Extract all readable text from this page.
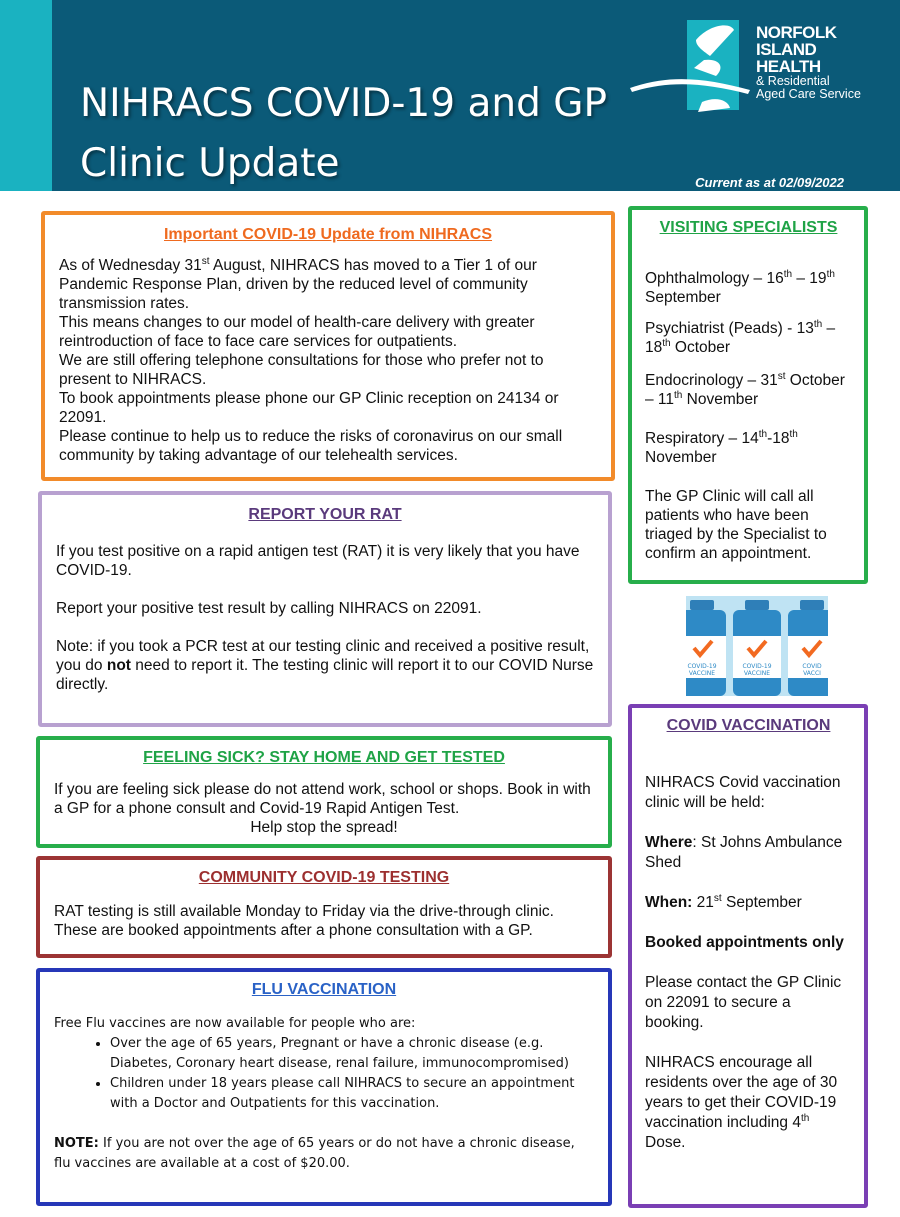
NIHRACS COVID-19 and GP
Clinic Update
NORFOLK
ISLAND
HEALTH
& Residential
Aged Care Service
Current as at 02/09/2022
Important COVID-19 Update from NIHRACS

As of Wednesday 31st August, NIHRACS has moved to a Tier 1 of our Pandemic Response Plan, driven by the reduced level of community transmission rates.

This means changes to our model of health-care delivery with greater reintroduction of face to face care services for outpatients.

We are still offering telephone consultations for those who prefer not to present to NIHRACS.

To book appointments please phone our GP Clinic reception on 24134 or 22091.

Please continue to help us to reduce the risks of coronavirus on our small community by taking advantage of our telehealth services.

REPORT YOUR RAT

If you test positive on a rapid antigen test (RAT) it is very likely that you have COVID-19.

Report your positive test result by calling NIHRACS on 22091.

Note: if you took a PCR test at our testing clinic and received a positive result, you do not need to report it. The testing clinic will report it to our COVID Nurse directly.

FEELING SICK? STAY HOME AND GET TESTED

If you are feeling sick please do not attend work, school or shops. Book in with a GP for a phone consult and Covid-19 Rapid Antigen Test.

Help stop the spread!

COMMUNITY COVID-19 TESTING

RAT testing is still available Monday to Friday via the drive-through clinic. These are booked appointments after a phone consultation with a GP.

FLU VACCINATION

Free Flu vaccines are now available for people who are:

• Over the age of 65 years, Pregnant or have a chronic disease (e.g. Diabetes, Coronary heart disease, renal failure, immunocompromised)
• Children under 18 years please call NIHRACS to secure an appointment with a Doctor and Outpatients for this vaccination.

NOTE: If you are not over the age of 65 years or do not have a chronic disease, flu vaccines are available at a cost of $20.00.

VISITING SPECIALISTS

Ophthalmology – 16th – 19th September

Psychiatrist (Peads) - 13th – 18th October

Endocrinology – 31st October – 11th November

Respiratory – 14th-18th November

The GP Clinic will call all patients who have been triaged by the Specialist to confirm an appointment.

COVID-19
VACCINE
COVID-19
VACCINE
COVID
VACCI
COVID VACCINATION

NIHRACS Covid vaccination clinic will be held:

Where: St Johns Ambulance Shed

When: 21st September

Booked appointments only

Please contact the GP Clinic on 22091 to secure a booking.

NIHRACS encourage all residents over the age of 30 years to get their COVID-19 vaccination including 4th Dose.
